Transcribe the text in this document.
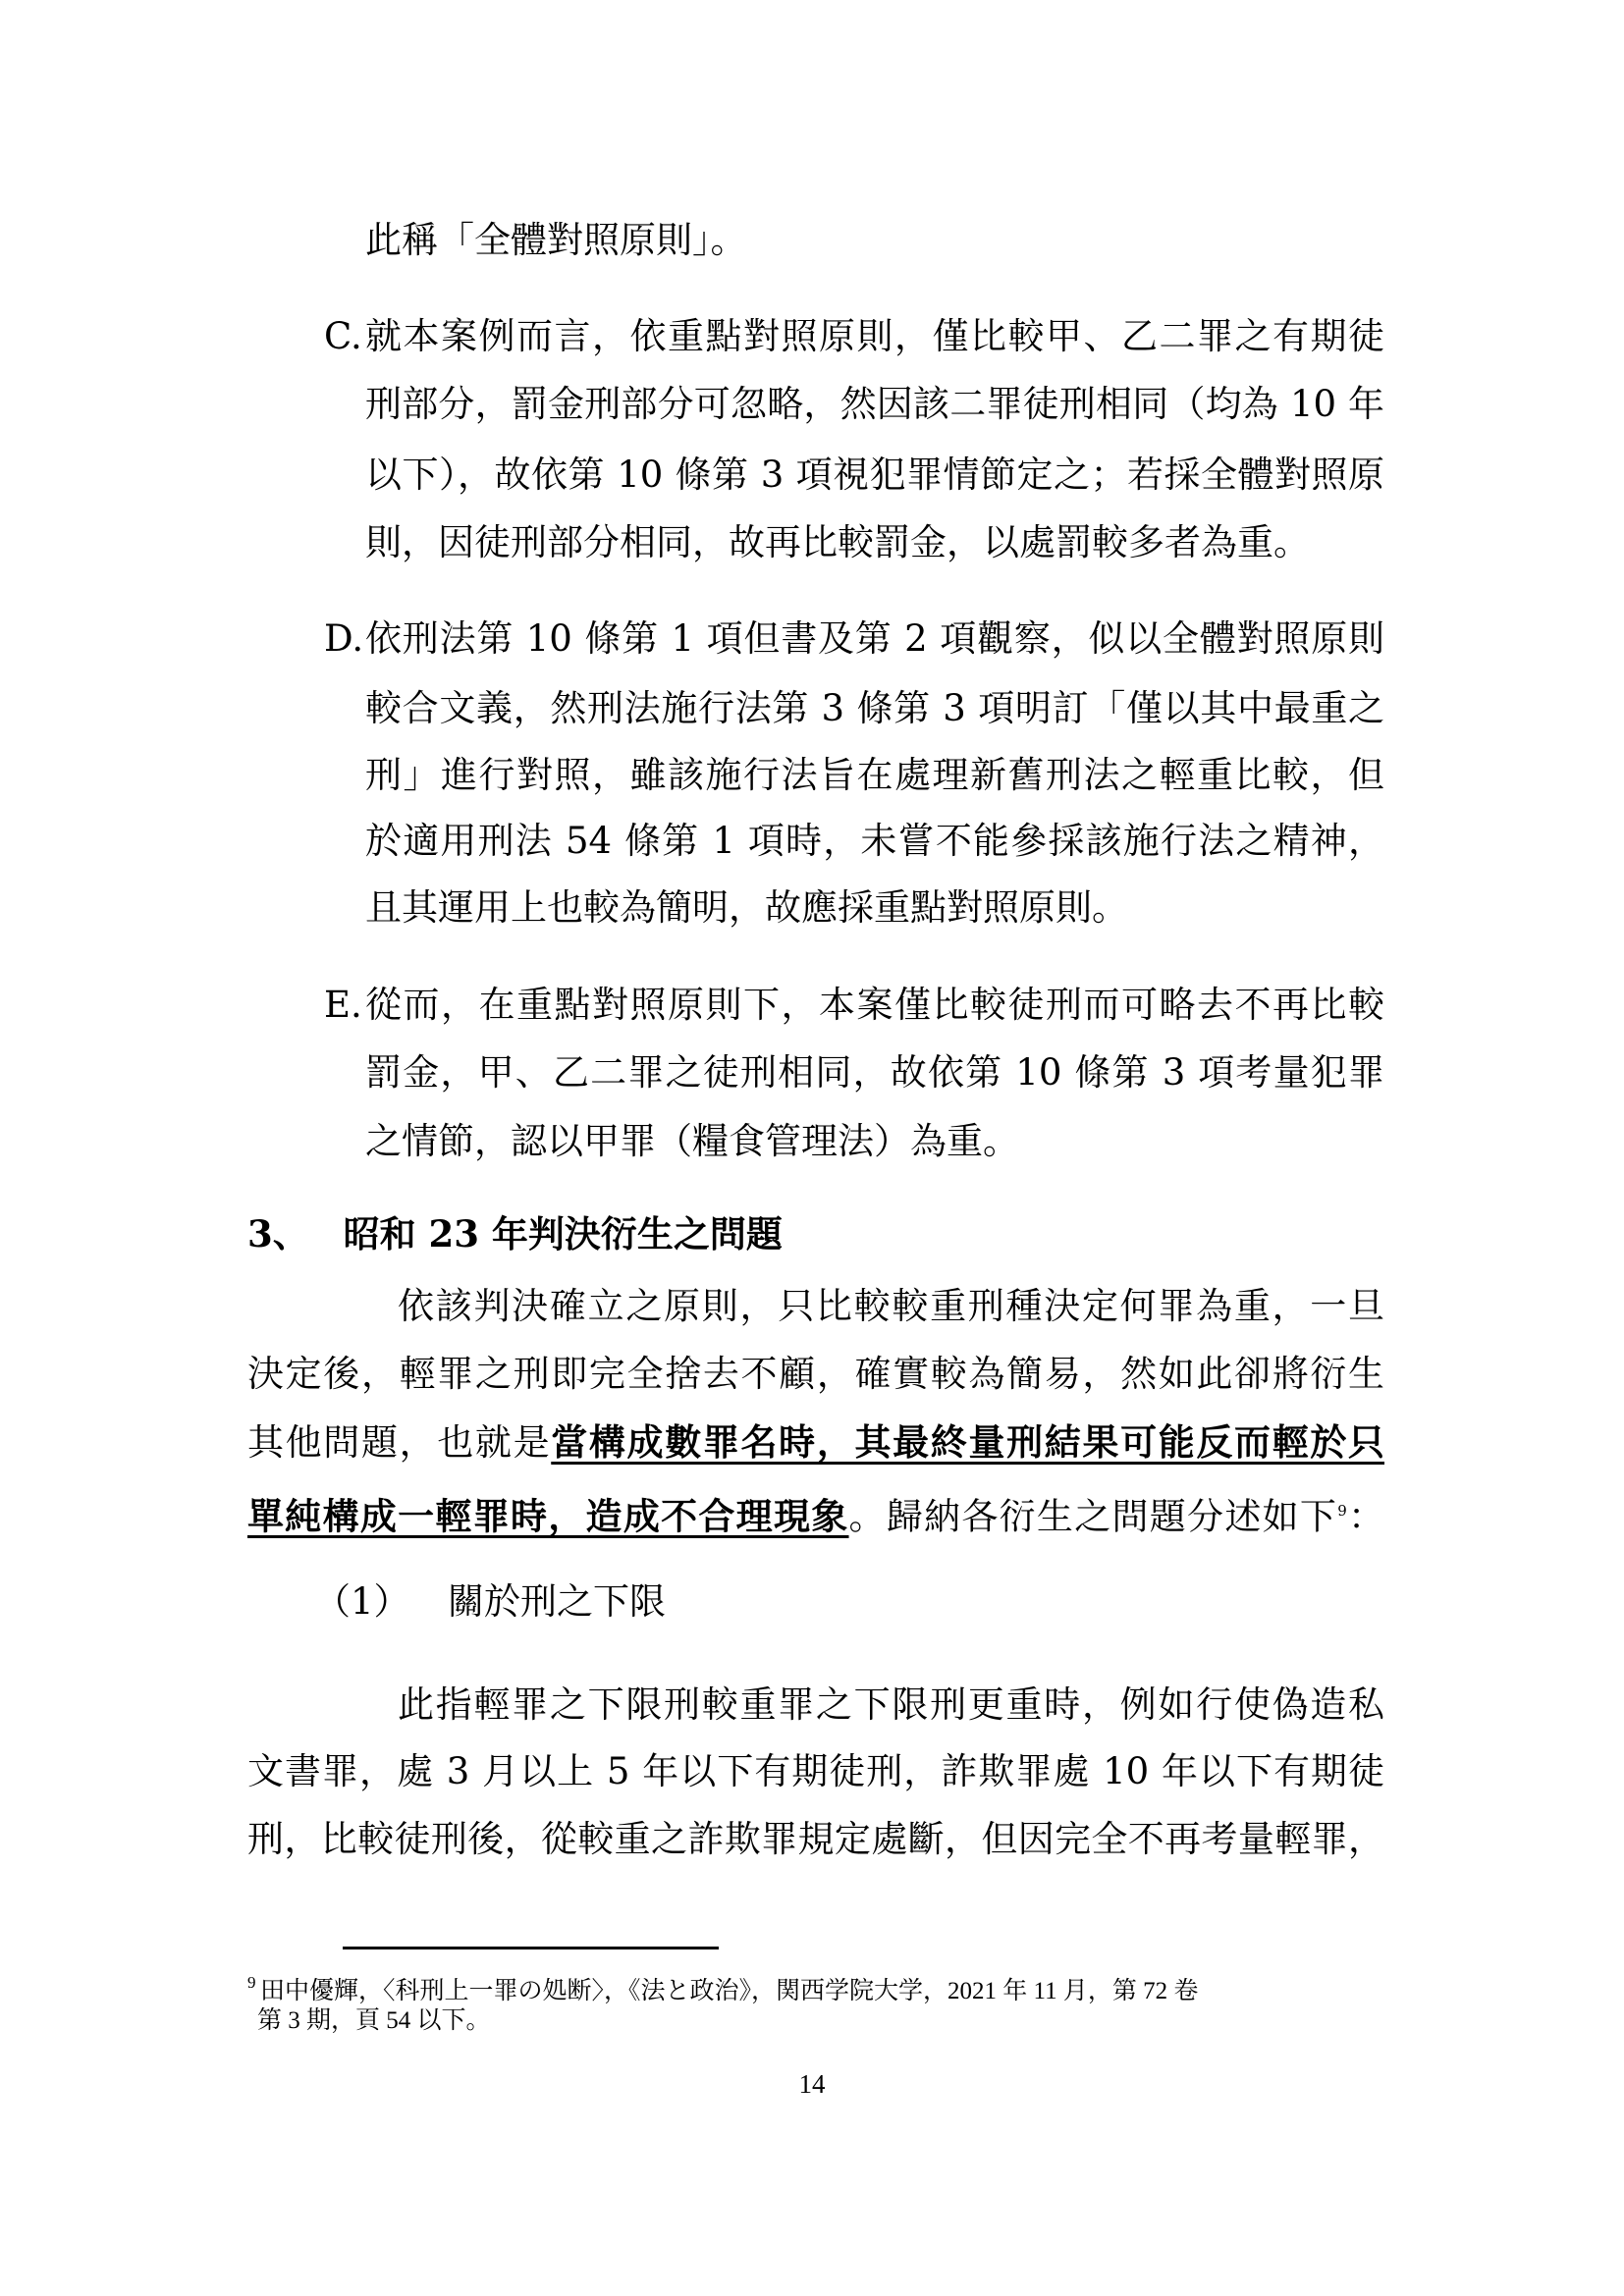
此稱「全體對照原則」。
C. 就本案例而言，依重點對照原則，僅比較甲、乙二罪之有期徒
刑部分，罰金刑部分可忽略，然因該二罪徒刑相同（均為 10 年
以下），故依第 10 條第 3 項視犯罪情節定之；若採全體對照原
則，因徒刑部分相同，故再比較罰金，以處罰較多者為重。
D. 依刑法第 10 條第 1 項但書及第 2 項觀察，似以全體對照原則
較合文義，然刑法施行法第 3 條第 3 項明訂「僅以其中最重之
刑」進行對照，雖該施行法旨在處理新舊刑法之輕重比較，但
於適用刑法 54 條第 1 項時，未嘗不能參採該施行法之精神，
且其運用上也較為簡明，故應採重點對照原則。
E. 從而，在重點對照原則下，本案僅比較徒刑而可略去不再比較
罰金，甲、乙二罪之徒刑相同，故依第 10 條第 3 項考量犯罪
之情節，認以甲罪（糧食管理法）為重。
3、 昭和 23 年判決衍生之問題
依該判決確立之原則，只比較較重刑種決定何罪為重，一旦
決定後，輕罪之刑即完全捨去不顧，確實較為簡易，然如此卻將衍生
其他問題，也就是當構成數罪名時，其最終量刑結果可能反而輕於只
單純構成一輕罪時，造成不合理現象。歸納各衍生之問題分述如下$^9$：
（1） 關於刑之下限
此指輕罪之下限刑較重罪之下限刑更重時，例如行使偽造私
文書罪，處 3 月以上 5 年以下有期徒刑，詐欺罪處 10 年以下有期徒
刑，比較徒刑後，從較重之詐欺罪規定處斷，但因完全不再考量輕罪，
9 田中優輝，〈科刑上一罪の処断〉，《法と政治》，関西学院大学，2021 年 11 月，第 72 卷
第 3 期，頁 54 以下。
14
